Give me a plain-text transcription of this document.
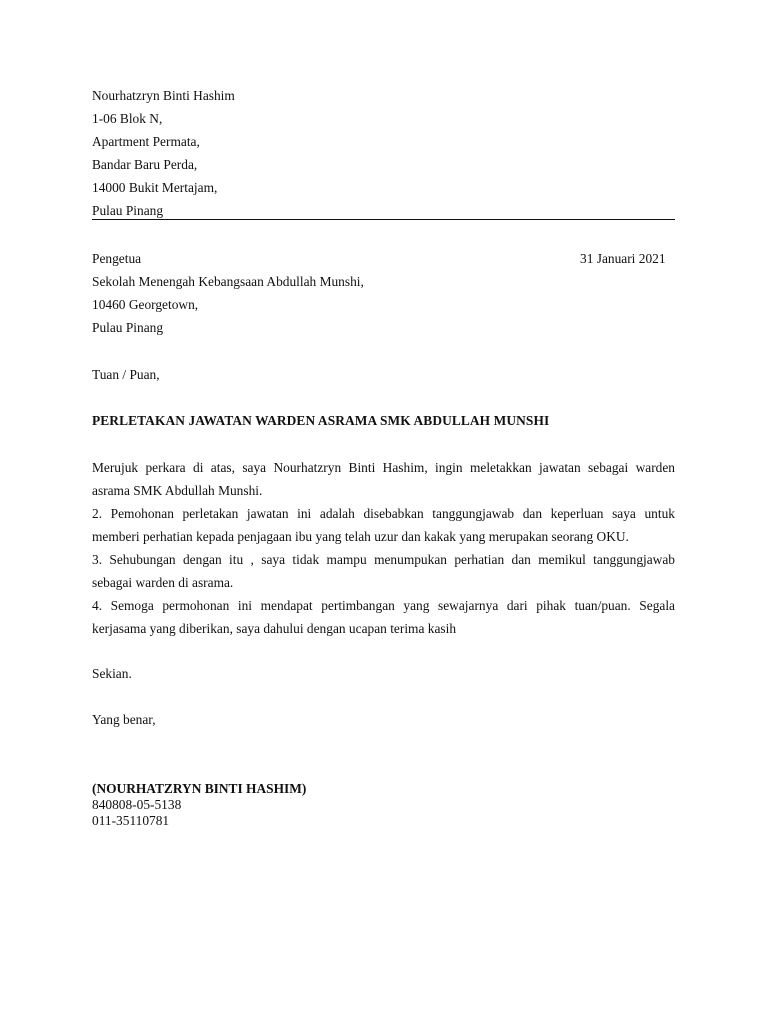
Nourhatzryn Binti Hashim
1-06 Blok N,
Apartment Permata,
Bandar Baru Perda,
14000 Bukit Mertajam,
Pulau Pinang
Pengetua	31 Januari 2021
Sekolah Menengah Kebangsaan Abdullah Munshi,
10460 Georgetown,
Pulau Pinang
Tuan / Puan,
PERLETAKAN JAWATAN WARDEN ASRAMA SMK ABDULLAH MUNSHI
Merujuk perkara di atas, saya Nourhatzryn Binti Hashim, ingin meletakkan jawatan sebagai warden
asrama SMK Abdullah Munshi.
2. Pemohonan perletakan jawatan ini adalah disebabkan tanggungjawab dan keperluan saya untuk
memberi perhatian kepada penjagaan ibu yang telah uzur dan kakak yang merupakan seorang OKU.
3. Sehubungan dengan itu , saya tidak mampu menumpukan perhatian dan memikul tanggungjawab
sebagai warden di asrama.
4. Semoga permohonan ini mendapat pertimbangan yang sewajarnya dari pihak tuan/puan. Segala
kerjasama yang diberikan, saya dahului dengan ucapan terima kasih
Sekian.
Yang benar,
(NOURHATZRYN BINTI HASHIM)
840808-05-5138
011-35110781
